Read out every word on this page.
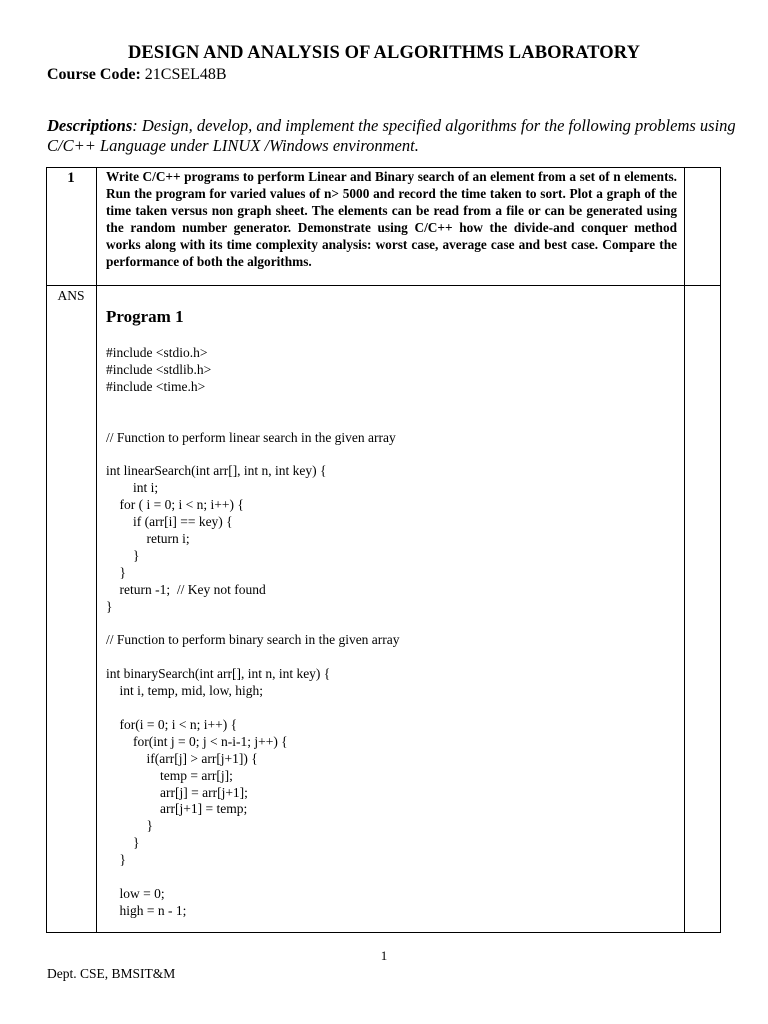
DESIGN AND ANALYSIS OF ALGORITHMS LABORATORY
Course Code: 21CSEL48B
Descriptions: Design, develop, and implement the specified algorithms for the following problems using C/C++ Language under LINUX /Windows environment.
1	Write C/C++ programs to perform Linear and Binary search of an element from a set of n elements. Run the program for varied values of n> 5000 and record the time taken to sort. Plot a graph of the time taken versus non graph sheet. The elements can be read from a file or can be generated using the random number generator. Demonstrate using C/C++ how the divide-and conquer method works along with its time complexity analysis: worst case, average case and best case. Compare the performance of both the algorithms.
ANS
Program 1
#include <stdio.h>
#include <stdlib.h>
#include <time.h>

// Function to perform linear search in the given array

int linearSearch(int arr[], int n, int key) {
int i;
for ( i = 0; i < n; i++) {
if (arr[i] == key) {
return i;
}
}
return -1;  // Key not found
}

// Function to perform binary search in the given array

int binarySearch(int arr[], int n, int key) {
int i, temp, mid, low, high;

for(i = 0; i < n; i++) {
for(int j = 0; j < n-i-1; j++) {
if(arr[j] > arr[j+1]) {
temp = arr[j];
arr[j] = arr[j+1];
arr[j+1] = temp;
}
}
}

low = 0;
high = n - 1;
1
Dept. CSE, BMSIT&M
